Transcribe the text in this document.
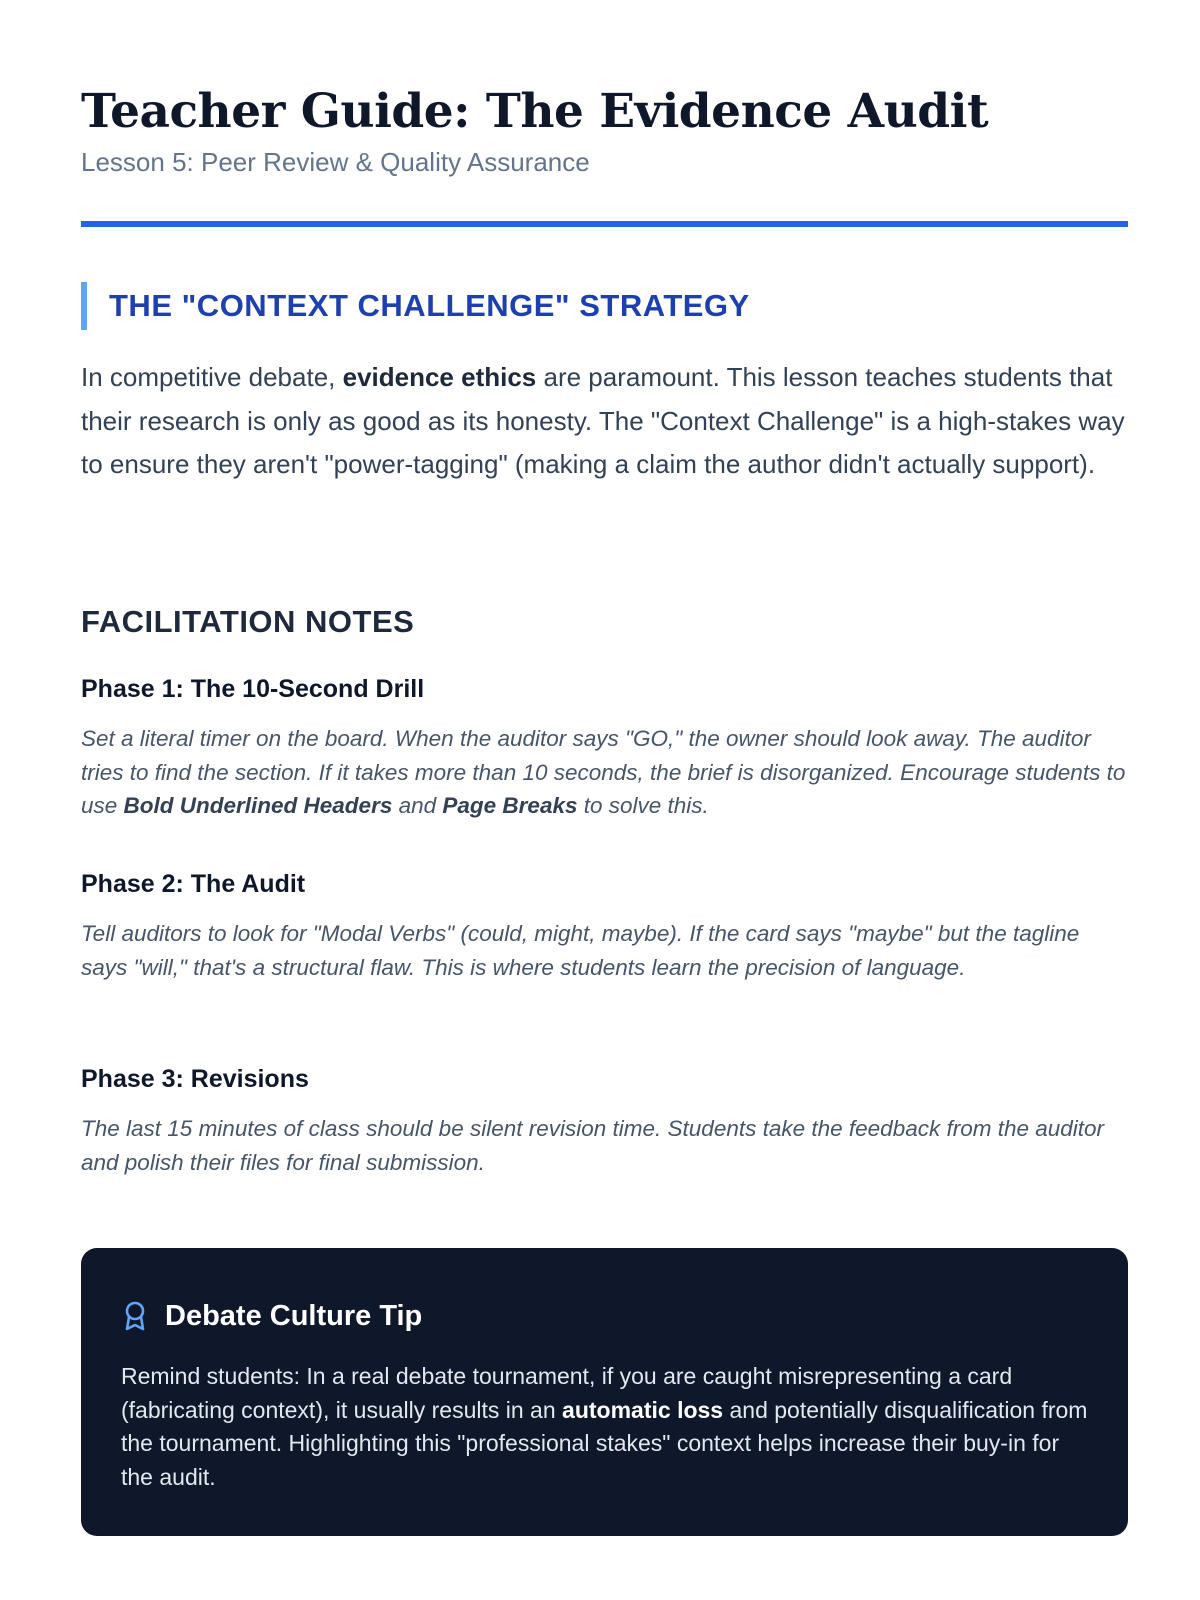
Teacher Guide: The Evidence Audit
Lesson 5: Peer Review & Quality Assurance
THE "CONTEXT CHALLENGE" STRATEGY

In competitive debate, evidence ethics are paramount. This lesson teaches students that their research is only as good as its honesty. The "Context Challenge" is a high-stakes way to ensure they aren't "power-tagging" (making a claim the author didn't actually support).

FACILITATION NOTES
Phase 1: The 10-Second Drill

Set a literal timer on the board. When the auditor says "GO," the owner should look away. The auditor tries to find the section. If it takes more than 10 seconds, the brief is disorganized. Encourage students to use Bold Underlined Headers and Page Breaks to solve this.

Phase 2: The Audit

Tell auditors to look for "Modal Verbs" (could, might, maybe). If the card says "maybe" but the tagline says "will," that's a structural flaw. This is where students learn the precision of language.

Phase 3: Revisions

The last 15 minutes of class should be silent revision time. Students take the feedback from the auditor and polish their files for final submission.

Debate Culture Tip

Remind students: In a real debate tournament, if you are caught misrepresenting a card (fabricating context), it usually results in an automatic loss and potentially disqualification from the tournament. Highlighting this "professional stakes" context helps increase their buy-in for the audit.
